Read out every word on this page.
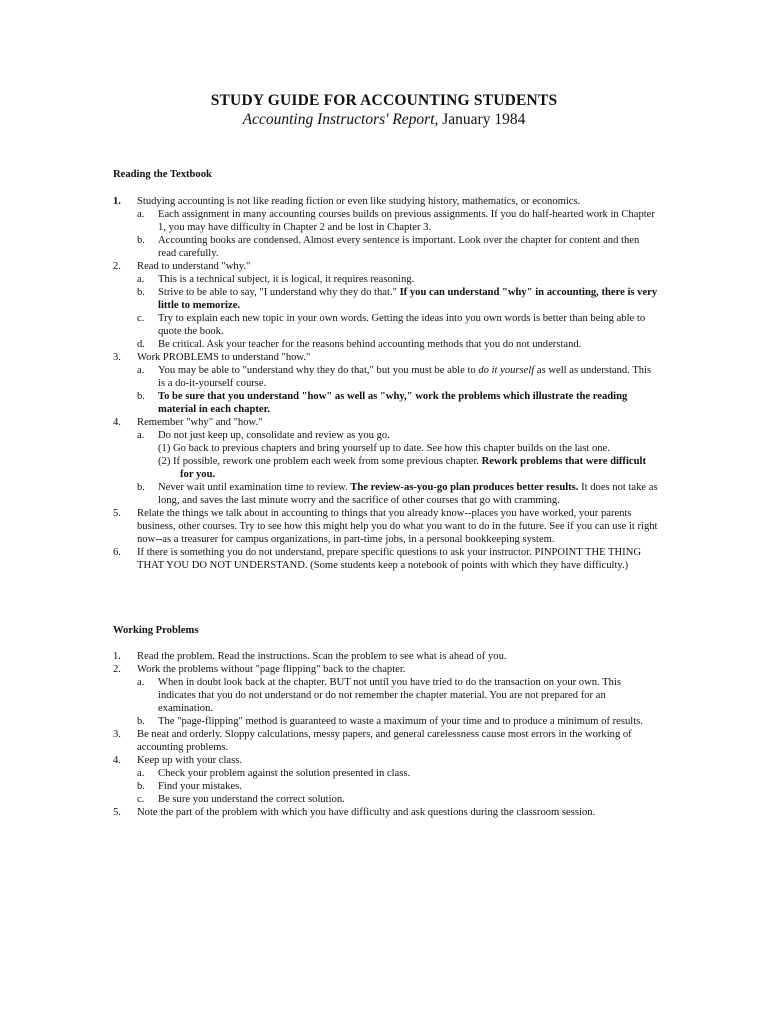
STUDY GUIDE FOR ACCOUNTING STUDENTS
Accounting Instructors' Report, January 1984
Reading the Textbook
1. Studying accounting is not like reading fiction or even like studying history, mathematics, or economics.
a. Each assignment in many accounting courses builds on previous assignments. If you do half-hearted work in Chapter 1, you may have difficulty in Chapter 2 and be lost in Chapter 3.
b. Accounting books are condensed. Almost every sentence is important. Look over the chapter for content and then read carefully.
2. Read to understand "why."
a. This is a technical subject, it is logical, it requires reasoning.
b. Strive to be able to say, "I understand why they do that." If you can understand "why" in accounting, there is very little to memorize.
c. Try to explain each new topic in your own words. Getting the ideas into you own words is better than being able to quote the book.
d. Be critical. Ask your teacher for the reasons behind accounting methods that you do not understand.
3. Work PROBLEMS to understand "how."
a. You may be able to "understand why they do that," but you must be able to do it yourself as well as understand. This is a do-it-yourself course.
b. To be sure that you understand "how" as well as "why," work the problems which illustrate the reading material in each chapter.
4. Remember "why" and "how."
a. Do not just keep up, consolidate and review as you go.
(1) Go back to previous chapters and bring yourself up to date. See how this chapter builds on the last one.
(2) If possible, rework one problem each week from some previous chapter. Rework problems that were difficult for you.
b. Never wait until examination time to review. The review-as-you-go plan produces better results. It does not take as long, and saves the last minute worry and the sacrifice of other courses that go with cramming.
5. Relate the things we talk about in accounting to things that you already know--places you have worked, your parents business, other courses. Try to see how this might help you do what you want to do in the future. See if you can use it right now--as a treasurer for campus organizations, in part-time jobs, in a personal bookkeeping system.
6. If there is something you do not understand, prepare specific questions to ask your instructor. PINPOINT THE THING THAT YOU DO NOT UNDERSTAND. (Some students keep a notebook of points with which they have difficulty.)
Working Problems
1. Read the problem. Read the instructions. Scan the problem to see what is ahead of you.
2. Work the problems without "page flipping" back to the chapter.
a. When in doubt look back at the chapter. BUT not until you have tried to do the transaction on your own. This indicates that you do not understand or do not remember the chapter material. You are not prepared for an examination.
b. The "page-flipping" method is guaranteed to waste a maximum of your time and to produce a minimum of results.
3. Be neat and orderly. Sloppy calculations, messy papers, and general carelessness cause most errors in the working of accounting problems.
4. Keep up with your class.
a. Check your problem against the solution presented in class.
b. Find your mistakes.
c. Be sure you understand the correct solution.
5. Note the part of the problem with which you have difficulty and ask questions during the classroom session.
